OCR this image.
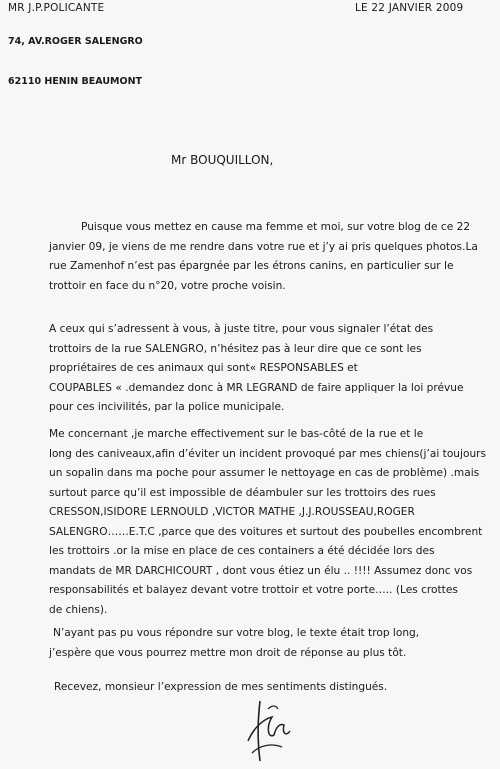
MR J.P.POLICANTE	LE 22 JANVIER 2009
74, AV.ROGER SALENGRO
62110 HENIN BEAUMONT
Mr BOUQUILLON,
Puisque vous mettez en cause ma femme et moi, sur votre blog de ce 22
janvier 09, je viens de me rendre dans votre rue et j’y ai pris quelques photos.La
rue Zamenhof n’est pas épargnée par les étrons canins, en particulier sur le
trottoir en face du n°20, votre proche voisin.
A ceux qui s’adressent à vous, à juste titre, pour vous signaler l’état des
trottoirs de la rue SALENGRO, n’hésitez pas à leur dire que ce sont les
propriétaires de ces animaux qui sont« RESPONSABLES et
COUPABLES « .demandez donc à MR LEGRAND de faire appliquer la loi prévue
pour ces incivilités, par la police municipale.
Me concernant ,je marche effectivement sur le bas-côté de la rue et le
long des caniveaux,afin d’éviter un incident provoqué par mes chiens(j’ai toujours
un sopalin dans ma poche pour assumer le nettoyage en cas de problème) .mais
surtout parce qu’il est impossible de déambuler sur les trottoirs des rues
CRESSON,ISIDORE LERNOULD ,VICTOR MATHE ,J.J.ROUSSEAU,ROGER
SALENGRO……E.T.C ,parce que des voitures et surtout des poubelles encombrent
les trottoirs .or la mise en place de ces containers a été décidée lors des
mandats de MR DARCHICOURT , dont vous étiez un élu .. !!!! Assumez donc vos
responsabilités et balayez devant votre trottoir et votre porte….. (Les crottes
de chiens).
N’ayant pas pu vous répondre sur votre blog, le texte était trop long,
j’espère que vous pourrez mettre mon droit de réponse au plus tôt.
Recevez, monsieur l’expression de mes sentiments distingués.
